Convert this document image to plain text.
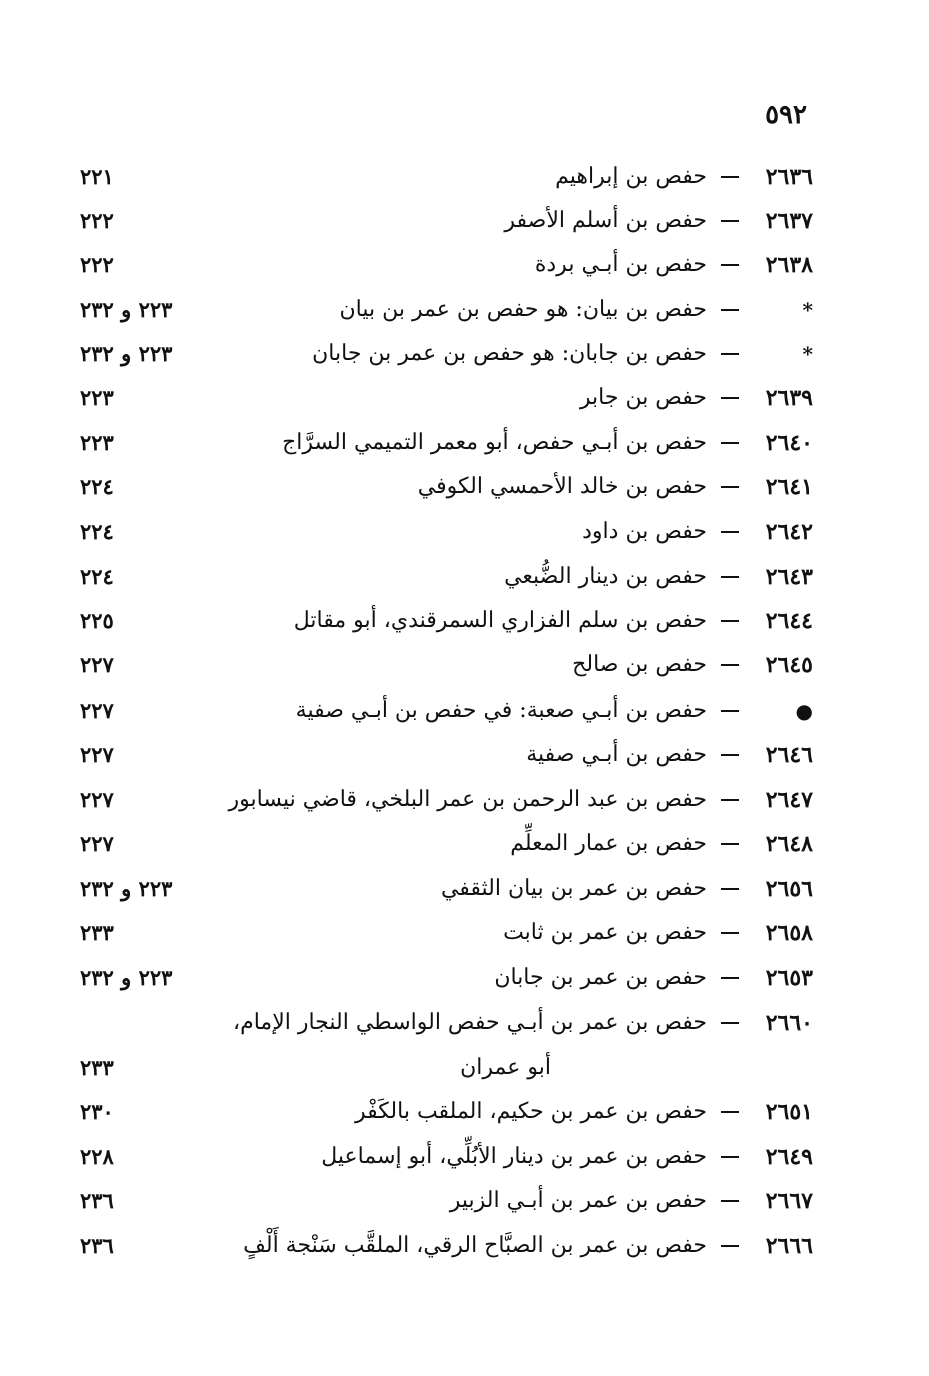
٥٩٢
٢٦٣٦
حفص بن إبراهيم
٢٢١
٢٦٣٧
حفص بن أسلم الأصفر
٢٢٢
٢٦٣٨
حفص بن أبـي بردة
٢٢٢
*
حفص بن بيان: هو حفص بن عمر بن بيان
٢٢٣ و ٢٣٢
*
حفص بن جابان: هو حفص بن عمر بن جابان
٢٢٣ و ٢٣٢
٢٦٣٩
حفص بن جابر
٢٢٣
٢٦٤٠
حفص بن أبـي حفص، أبو معمر التميمي السرَّاج
٢٢٣
٢٦٤١
حفص بن خالد الأحمسي الكوفي
٢٢٤
٢٦٤٢
حفص بن داود
٢٢٤
٢٦٤٣
حفص بن دينار الضُّبعي
٢٢٤
٢٦٤٤
حفص بن سلم الفزاري السمرقندي، أبو مقاتل
٢٢٥
٢٦٤٥
حفص بن صالح
٢٢٧
●
حفص بن أبـي صعبة: في حفص بن أبـي صفية
٢٢٧
٢٦٤٦
حفص بن أبـي صفية
٢٢٧
٢٦٤٧
حفص بن عبد الرحمن بن عمر البلخي، قاضي نيسابور
٢٢٧
٢٦٤٨
حفص بن عمار المعلِّم
٢٢٧
٢٦٥٦
حفص بن عمر بن بيان الثقفي
٢٢٣ و ٢٣٢
٢٦٥٨
حفص بن عمر بن ثابت
٢٣٣
٢٦٥٣
حفص بن عمر بن جابان
٢٢٣ و ٢٣٢
٢٦٦٠
حفص بن عمر بن أبـي حفص الواسطي النجار الإمام،
أبو عمران
٢٣٣
٢٦٥١
حفص بن عمر بن حكيم، الملقب بالكَفْر
٢٣٠
٢٦٤٩
حفص بن عمر بن دينار الأبُلِّي، أبو إسماعيل
٢٢٨
٢٦٦٧
حفص بن عمر بن أبـي الزبير
٢٣٦
٢٦٦٦
حفص بن عمر بن الصبَّاح الرقي، الملقَّب سَنْجة أَلْفٍ
٢٣٦
